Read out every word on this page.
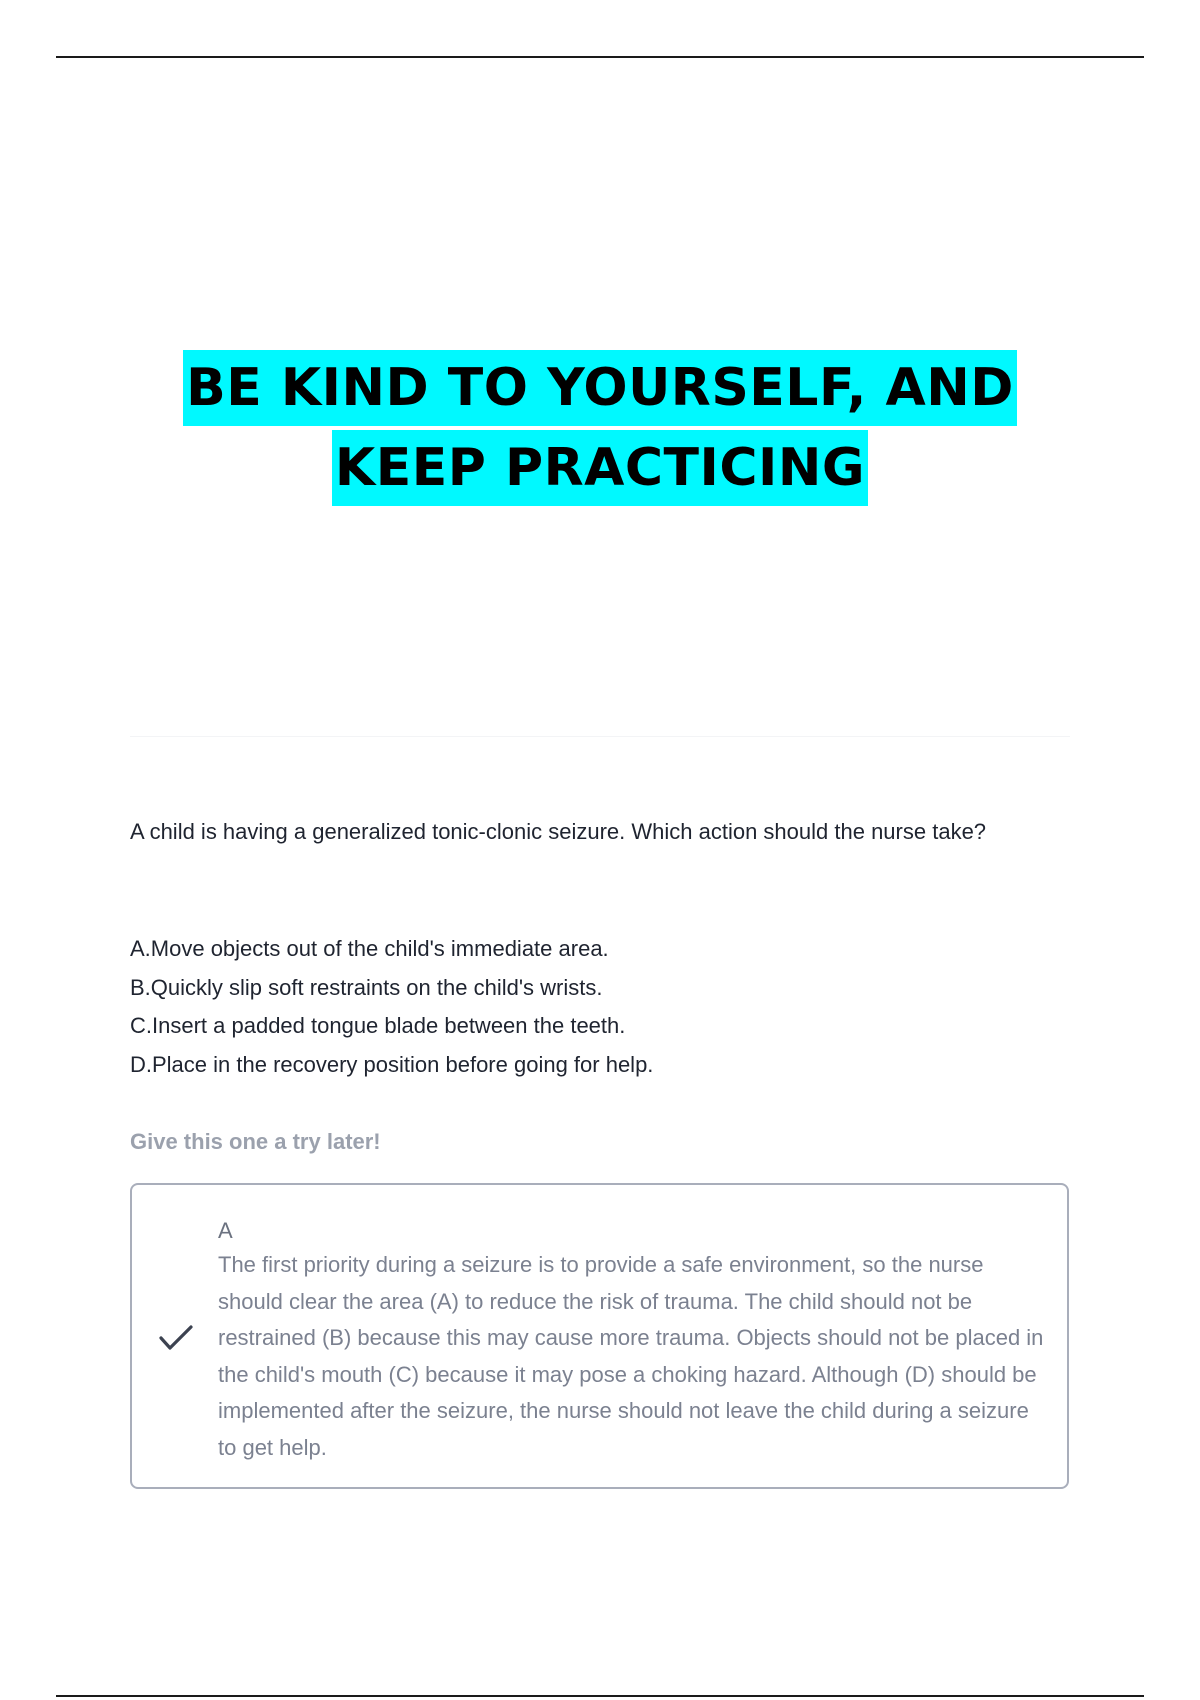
BE KIND TO YOURSELF, AND
KEEP PRACTICING
A child is having a generalized tonic-clonic seizure. Which action should the nurse take?
A.Move objects out of the child's immediate area.
B.Quickly slip soft restraints on the child's wrists.
C.Insert a padded tongue blade between the teeth.
D.Place in the recovery position before going for help.
Give this one a try later!
A
The first priority during a seizure is to provide a safe environment, so the nurse should clear the area (A) to reduce the risk of trauma. The child should not be restrained (B) because this may cause more trauma. Objects should not be placed in the child's mouth (C) because it may pose a choking hazard. Although (D) should be implemented after the seizure, the nurse should not leave the child during a seizure to get help.
